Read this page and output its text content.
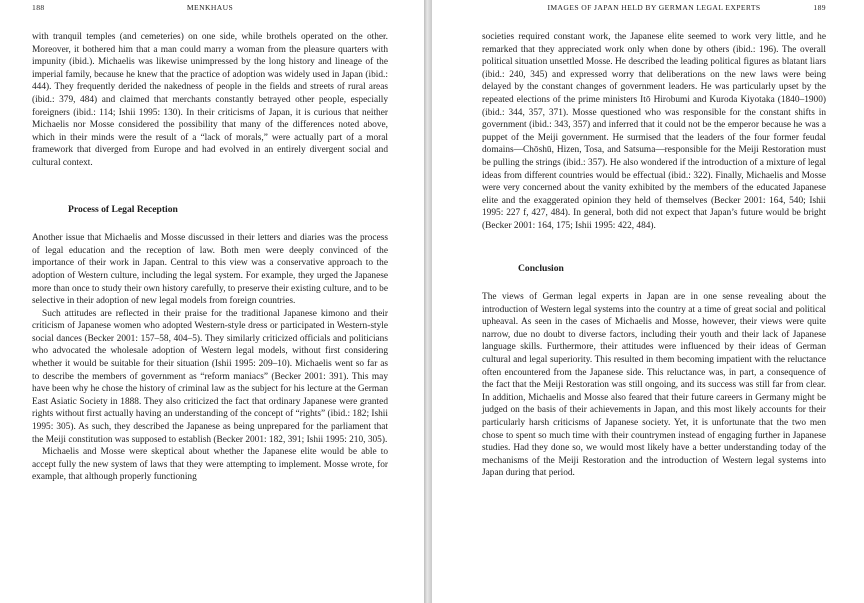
188	MENKHAUS

with tranquil temples (and cemeteries) on one side, while brothels operated on the other. Moreover, it bothered him that a man could marry a woman from the pleasure quarters with impunity (ibid.). Michaelis was likewise unimpressed by the long history and lineage of the imperial family, because he knew that the practice of adoption was widely used in Japan (ibid.: 444). They frequently derided the nakedness of people in the fields and streets of rural areas (ibid.: 379, 484) and claimed that merchants constantly betrayed other people, especially foreigners (ibid.: 114; Ishii 1995: 130). In their criticisms of Japan, it is curious that neither Michaelis nor Mosse considered the possibility that many of the differences noted above, which in their minds were the result of a “lack of morals,” were actually part of a moral framework that diverged from Europe and had evolved in an entirely divergent social and cultural context.

Process of Legal Reception

Another issue that Michaelis and Mosse discussed in their letters and diaries was the process of legal education and the reception of law. Both men were deeply convinced of the importance of their work in Japan. Central to this view was a conservative approach to the adoption of Western culture, including the legal system. For example, they urged the Japanese more than once to study their own history carefully, to preserve their existing culture, and to be selective in their adoption of new legal models from foreign countries.

Such attitudes are reflected in their praise for the traditional Japanese kimono and their criticism of Japanese women who adopted Western-style dress or participated in Western-style social dances (Becker 2001: 157–58, 404–5). They similarly criticized officials and politicians who advocated the wholesale adoption of Western legal models, without first considering whether it would be suitable for their situation (Ishii 1995: 209–10). Michaelis went so far as to describe the members of government as “reform maniacs” (Becker 2001: 391). This may have been why he chose the history of criminal law as the subject for his lecture at the German East Asiatic Society in 1888. They also criticized the fact that ordinary Japanese were granted rights without first actually having an understanding of the concept of “rights” (ibid.: 182; Ishii 1995: 305). As such, they described the Japanese as being unprepared for the parliament that the Meiji constitution was supposed to establish (Becker 2001: 182, 391; Ishii 1995: 210, 305).

Michaelis and Mosse were skeptical about whether the Japanese elite would be able to accept fully the new system of laws that they were attempting to implement. Mosse wrote, for example, that although properly functioning

IMAGES OF JAPAN HELD BY GERMAN LEGAL EXPERTS	189

societies required constant work, the Japanese elite seemed to work very little, and he remarked that they appreciated work only when done by others (ibid.: 196). The overall political situation unsettled Mosse. He described the leading political figures as blatant liars (ibid.: 240, 345) and expressed worry that deliberations on the new laws were being delayed by the constant changes of government leaders. He was particularly upset by the repeated elections of the prime ministers Itō Hirobumi and Kuroda Kiyotaka (1840–1900) (ibid.: 344, 357, 371). Mosse questioned who was responsible for the constant shifts in government (ibid.: 343, 357) and inferred that it could not be the emperor because he was a puppet of the Meiji government. He surmised that the leaders of the four former feudal domains—Chōshū, Hizen, Tosa, and Satsuma—responsible for the Meiji Restoration must be pulling the strings (ibid.: 357). He also wondered if the introduction of a mixture of legal ideas from different countries would be effectual (ibid.: 322). Finally, Michaelis and Mosse were very concerned about the vanity exhibited by the members of the educated Japanese elite and the exaggerated opinion they held of themselves (Becker 2001: 164, 540; Ishii 1995: 227 f, 427, 484). In general, both did not expect that Japan’s future would be bright (Becker 2001: 164, 175; Ishii 1995: 422, 484).

Conclusion

The views of German legal experts in Japan are in one sense revealing about the introduction of Western legal systems into the country at a time of great social and political upheaval. As seen in the cases of Michaelis and Mosse, however, their views were quite narrow, due no doubt to diverse factors, including their youth and their lack of Japanese language skills. Furthermore, their attitudes were influenced by their ideas of German cultural and legal superiority. This resulted in them becoming impatient with the reluctance often encountered from the Japanese side. This reluctance was, in part, a consequence of the fact that the Meiji Restoration was still ongoing, and its success was still far from clear. In addition, Michaelis and Mosse also feared that their future careers in Germany might be judged on the basis of their achievements in Japan, and this most likely accounts for their particularly harsh criticisms of Japanese society. Yet, it is unfortunate that the two men chose to spent so much time with their countrymen instead of engaging further in Japanese studies. Had they done so, we would most likely have a better understanding today of the mechanisms of the Meiji Restoration and the introduction of Western legal systems into Japan during that period.
